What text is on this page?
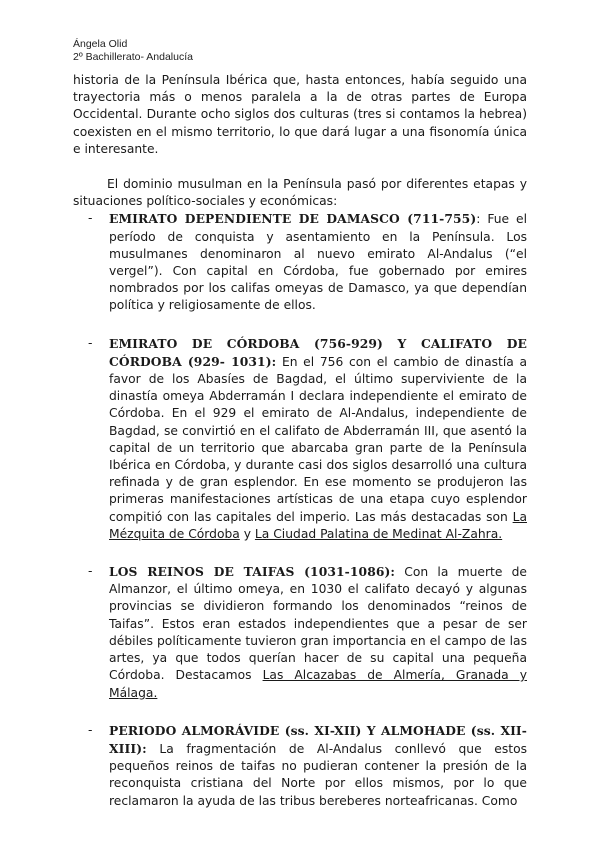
Ángela Olid
2º Bachillerato- Andalucía

historia de la Península Ibérica que, hasta entonces, había seguido una trayectoria más o menos paralela a la de otras partes de Europa Occidental. Durante ocho siglos dos culturas (tres si contamos la hebrea) coexisten en el mismo territorio, lo que dará lugar a una fisonomía única e interesante.

El dominio musulman en la Península pasó por diferentes etapas y situaciones político-sociales y económicas:

- EMIRATO DEPENDIENTE DE DAMASCO (711-755): Fue el período de conquista y asentamiento en la Península. Los musulmanes denominaron al nuevo emirato Al-Andalus (“el vergel”). Con capital en Córdoba, fue gobernado por emires nombrados por los califas omeyas de Damasco, ya que dependían política y religiosamente de ellos.
- EMIRATO DE CÓRDOBA (756-929) Y CALIFATO DE CÓRDOBA (929- 1031): En el 756 con el cambio de dinastía a favor de los Abasíes de Bagdad, el último superviviente de la dinastía omeya Abderramán I declara independiente el emirato de Córdoba. En el 929 el emirato de Al-Andalus, independiente de Bagdad, se convirtió en el califato de Abderramán III, que asentó la capital de un territorio que abarcaba gran parte de la Península Ibérica en Córdoba, y durante casi dos siglos desarrolló una cultura refinada y de gran esplendor. En ese momento se produjeron las primeras manifestaciones artísticas de una etapa cuyo esplendor compitió con las capitales del imperio. Las más destacadas son La Mézquita de Córdoba y La Ciudad Palatina de Medinat Al-Zahra.
- LOS REINOS DE TAIFAS (1031-1086): Con la muerte de Almanzor, el último omeya, en 1030 el califato decayó y algunas provincias se dividieron formando los denominados “reinos de Taifas”. Estos eran estados independientes que a pesar de ser débiles políticamente tuvieron gran importancia en el campo de las artes, ya que todos querían hacer de su capital una pequeña Córdoba. Destacamos Las Alcazabas de Almería, Granada y Málaga.
- PERIODO ALMORÁVIDE (ss. XI-XII) Y ALMOHADE (ss. XII-XIII): La fragmentación de Al-Andalus conllevó que estos pequeños reinos de taifas no pudieran contener la presión de la reconquista cristiana del Norte por ellos mismos, por lo que reclamaron la ayuda de las tribus bereberes norteafricanas. Como
